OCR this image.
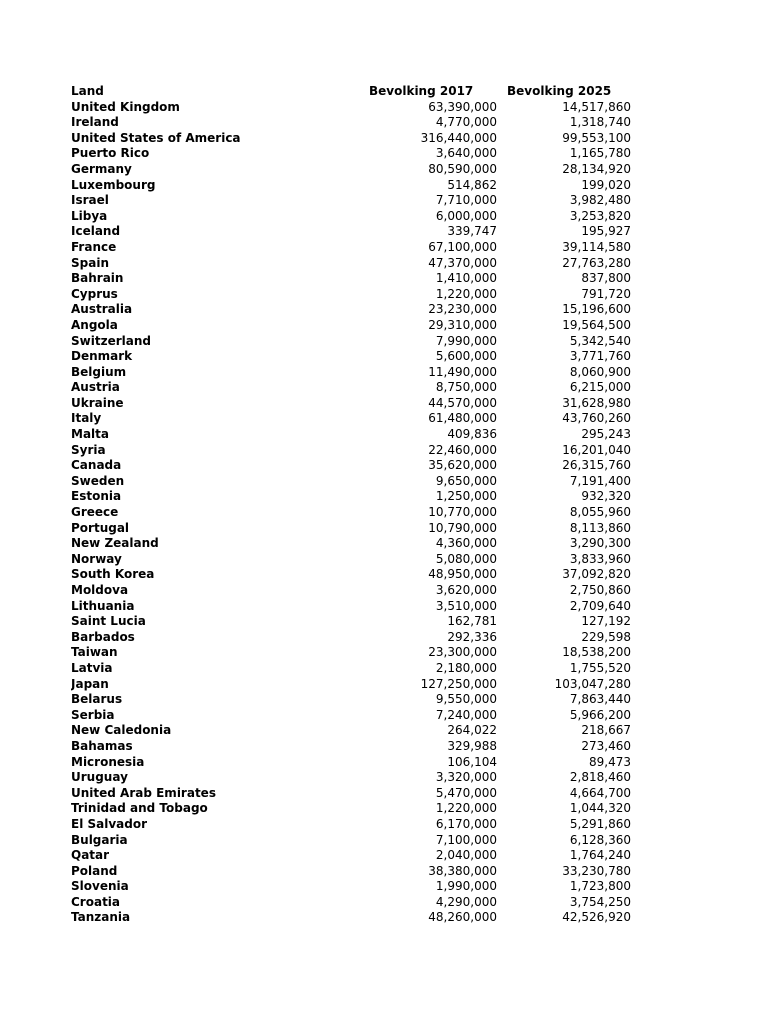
Land	Bevolking 2017	Bevolking 2025
United Kingdom	63,390,000	14,517,860
Ireland	4,770,000	1,318,740
United States of America	316,440,000	99,553,100
Puerto Rico	3,640,000	1,165,780
Germany	80,590,000	28,134,920
Luxembourg	514,862	199,020
Israel	7,710,000	3,982,480
Libya	6,000,000	3,253,820
Iceland	339,747	195,927
France	67,100,000	39,114,580
Spain	47,370,000	27,763,280
Bahrain	1,410,000	837,800
Cyprus	1,220,000	791,720
Australia	23,230,000	15,196,600
Angola	29,310,000	19,564,500
Switzerland	7,990,000	5,342,540
Denmark	5,600,000	3,771,760
Belgium	11,490,000	8,060,900
Austria	8,750,000	6,215,000
Ukraine	44,570,000	31,628,980
Italy	61,480,000	43,760,260
Malta	409,836	295,243
Syria	22,460,000	16,201,040
Canada	35,620,000	26,315,760
Sweden	9,650,000	7,191,400
Estonia	1,250,000	932,320
Greece	10,770,000	8,055,960
Portugal	10,790,000	8,113,860
New Zealand	4,360,000	3,290,300
Norway	5,080,000	3,833,960
South Korea	48,950,000	37,092,820
Moldova	3,620,000	2,750,860
Lithuania	3,510,000	2,709,640
Saint Lucia	162,781	127,192
Barbados	292,336	229,598
Taiwan	23,300,000	18,538,200
Latvia	2,180,000	1,755,520
Japan	127,250,000	103,047,280
Belarus	9,550,000	7,863,440
Serbia	7,240,000	5,966,200
New Caledonia	264,022	218,667
Bahamas	329,988	273,460
Micronesia	106,104	89,473
Uruguay	3,320,000	2,818,460
United Arab Emirates	5,470,000	4,664,700
Trinidad and Tobago	1,220,000	1,044,320
El Salvador	6,170,000	5,291,860
Bulgaria	7,100,000	6,128,360
Qatar	2,040,000	1,764,240
Poland	38,380,000	33,230,780
Slovenia	1,990,000	1,723,800
Croatia	4,290,000	3,754,250
Tanzania	48,260,000	42,526,920
